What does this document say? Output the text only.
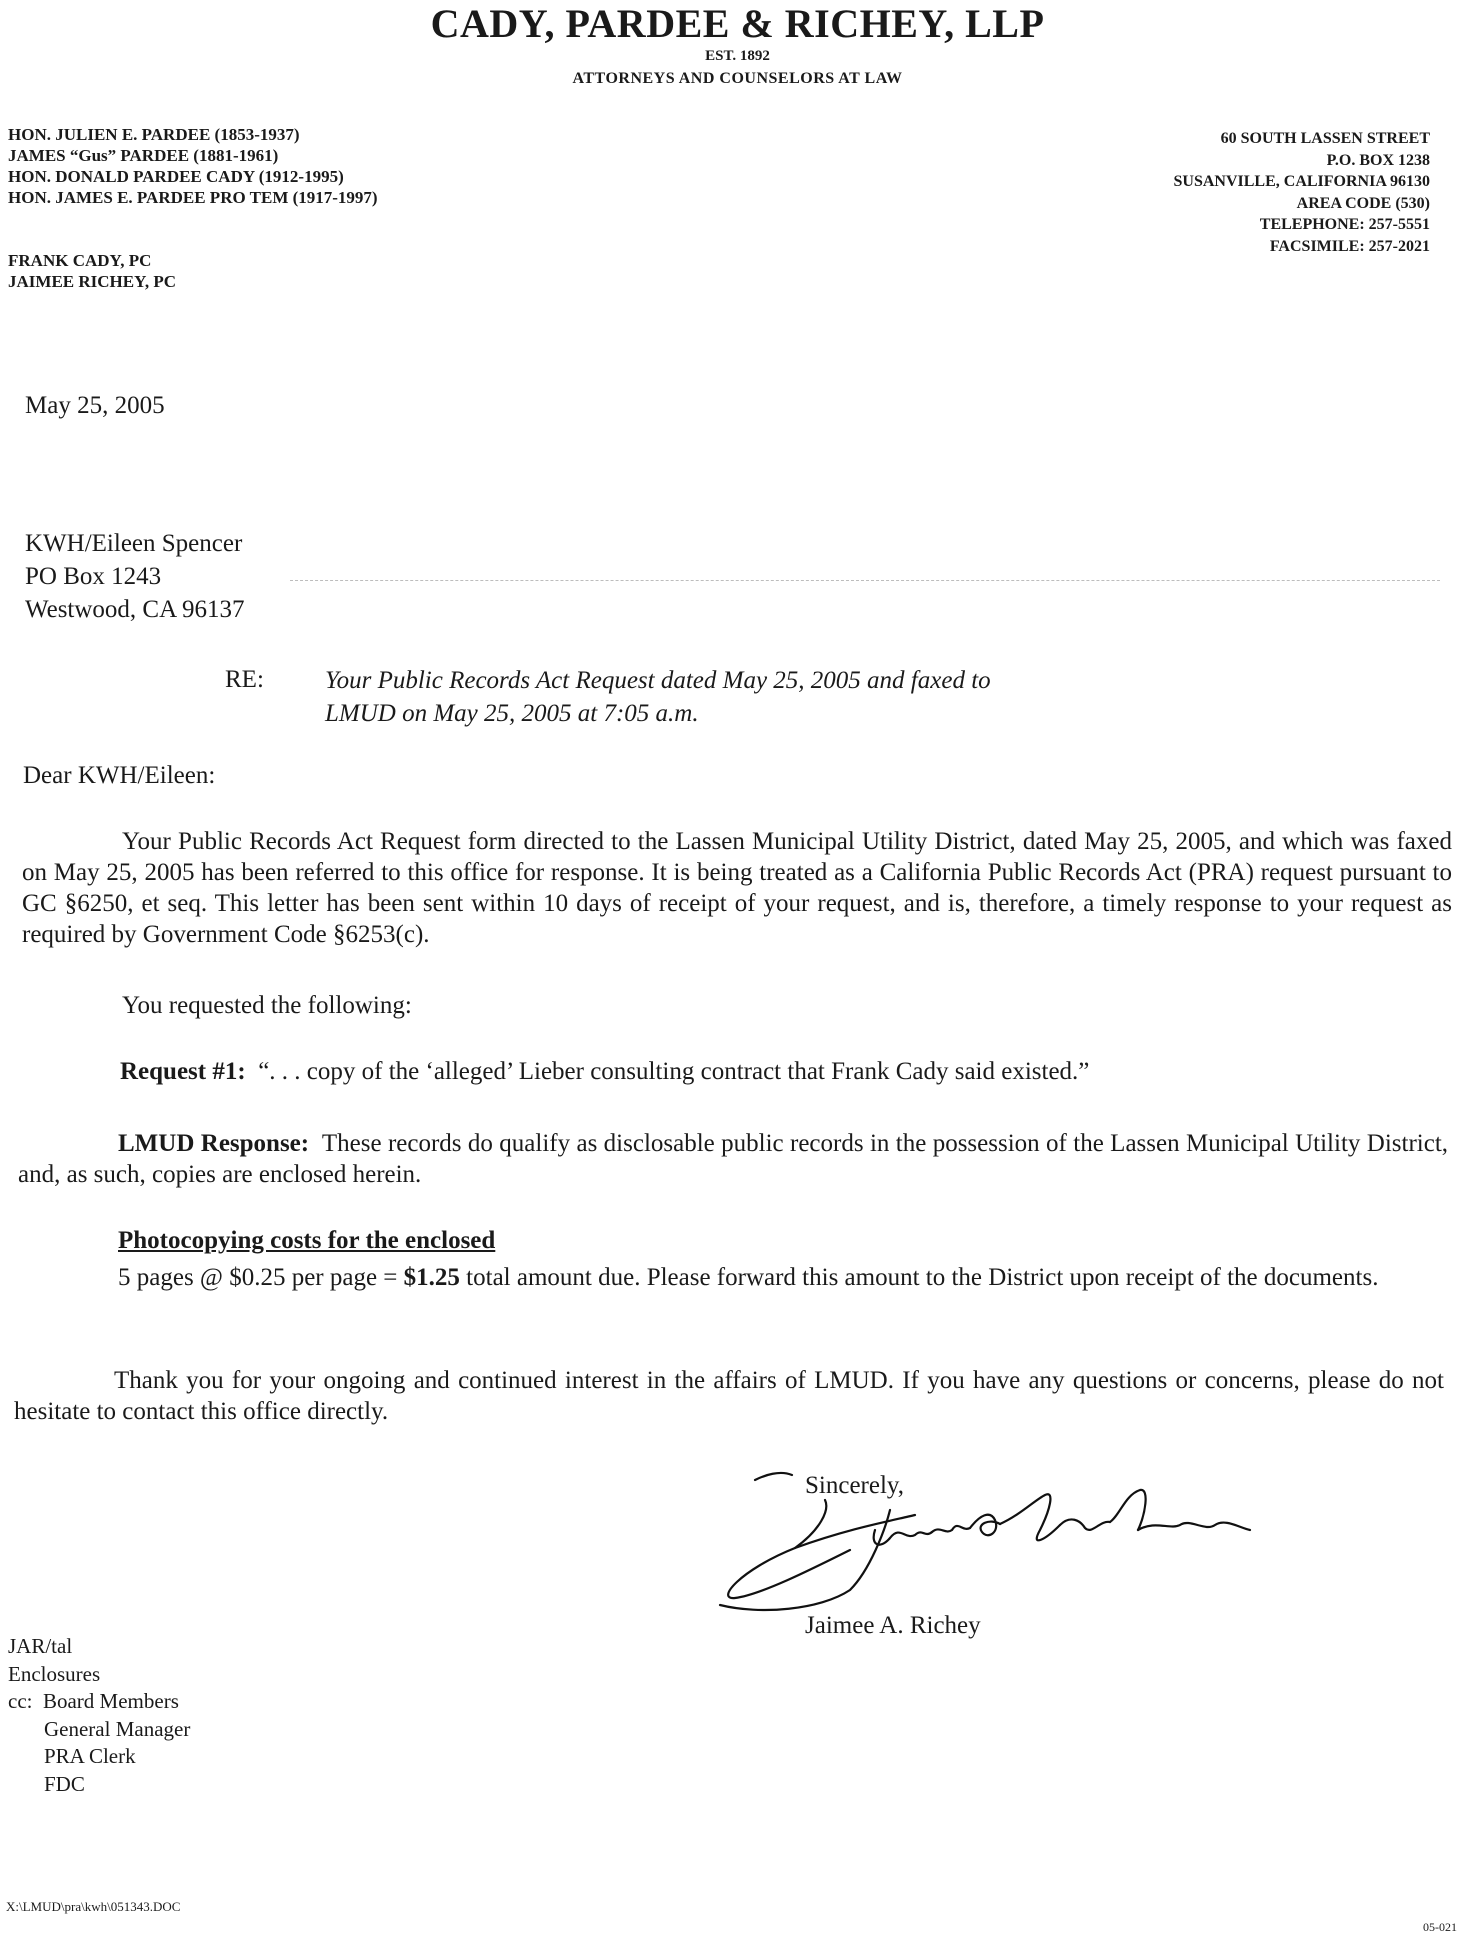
CADY, PARDEE & RICHEY, LLP
EST. 1892
ATTORNEYS AND COUNSELORS AT LAW
HON. JULIEN E. PARDEE (1853-1937)
JAMES “Gus” PARDEE (1881-1961)
HON. DONALD PARDEE CADY (1912-1995)
HON. JAMES E. PARDEE PRO TEM (1917-1997)
FRANK CADY, PC
JAIMEE RICHEY, PC
60 SOUTH LASSEN STREET
P.O. BOX 1238
SUSANVILLE, CALIFORNIA 96130
AREA CODE (530)
TELEPHONE: 257-5551
FACSIMILE: 257-2021
May 25, 2005
KWH/Eileen Spencer
PO Box 1243
Westwood, CA 96137
RE: Your Public Records Act Request dated May 25, 2005 and faxed to
LMUD on May 25, 2005 at 7:05 a.m.
Dear KWH/Eileen:
Your Public Records Act Request form directed to the Lassen Municipal Utility District, dated May 25, 2005, and which was faxed on May 25, 2005 has been referred to this office for response. It is being treated as a California Public Records Act (PRA) request pursuant to GC §6250, et seq. This letter has been sent within 10 days of receipt of your request, and is, therefore, a timely response to your request as required by Government Code §6253(c).
You requested the following:
Request #1: “. . . copy of the ‘alleged’ Lieber consulting contract that Frank Cady said existed.”
LMUD Response: These records do qualify as disclosable public records in the possession of the Lassen Municipal Utility District, and, as such, copies are enclosed herein.
Photocopying costs for the enclosed
5 pages @ $0.25 per page = $1.25 total amount due. Please forward this amount to the District upon receipt of the documents.
Thank you for your ongoing and continued interest in the affairs of LMUD. If you have any questions or concerns, please do not hesitate to contact this office directly.
Sincerely,
Jaimee A. Richey
JAR/tal
Enclosures
cc: Board Members
General Manager
PRA Clerk
FDC
X:\LMUD\pra\kwh\051343.DOC
05-021
